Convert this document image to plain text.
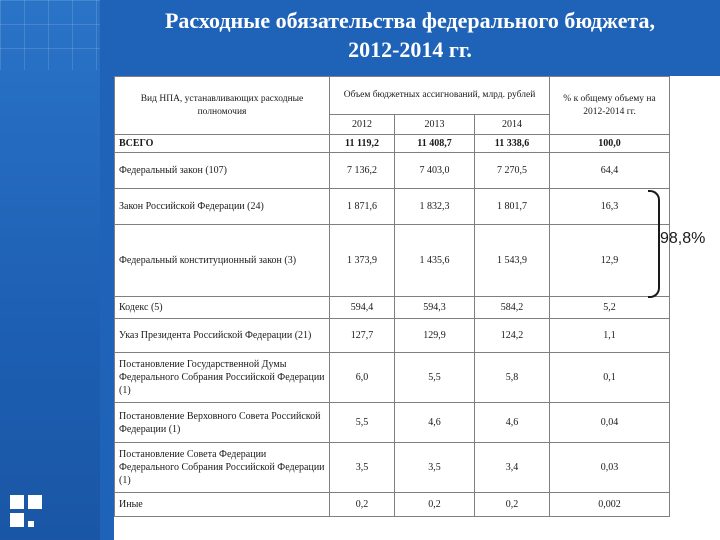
Расходные обязательства федерального бюджета,
2012-2014 гг.
Вид НПА, устанавливающих расходные полномочия	Объем бюджетных ассигнований, млрд. рублей			% к общему объему на 2012-2014 гг.
	2012	2013	2014	
ВСЕГО	11 119,2	11 408,7	11 338,6	100,0
Федеральный закон (107)	7 136,2	7 403,0	7 270,5	64,4
Закон Российской Федерации (24)	1 871,6	1 832,3	1 801,7	16,3
Федеральный конституционный закон (3)	1 373,9	1 435,6	1 543,9	12,9
Кодекс (5)	594,4	594,3	584,2	5,2
Указ Президента Российской Федерации (21)	127,7	129,9	124,2	1,1
Постановление Государственной Думы Федерального Собрания Российской Федерации (1)	6,0	5,5	5,8	0,1
Постановление Верховного Совета Российской Федерации (1)	5,5	4,6	4,6	0,04
Постановление Совета Федерации Федерального Собрания Российской Федерации (1)	3,5	3,5	3,4	0,03
Иные	0,2	0,2	0,2	0,002
98,8%
